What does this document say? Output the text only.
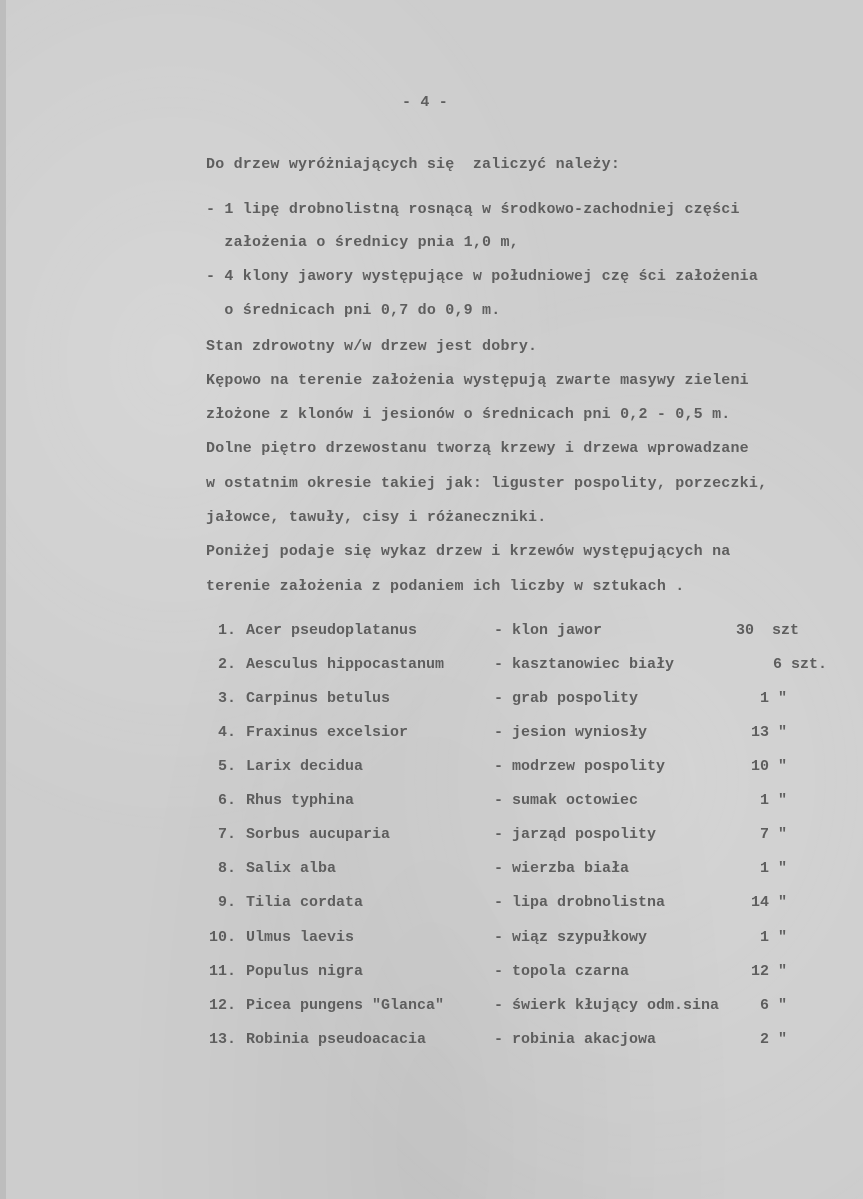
- 4 -
Do drzew wyróżniających się  zaliczyć należy:
- 1 lipę drobnolistną rosnącą w środkowo-zachodniej części
założenia o średnicy pnia 1,0 m,
- 4 klony jawory występujące w południowej czę ści założenia
o średnicach pni 0,7 do 0,9 m.
Stan zdrowotny w/w drzew jest dobry.
Kępowo na terenie założenia występują zwarte masywy zieleni
złożone z klonów i jesionów o średnicach pni 0,2 - 0,5 m.
Dolne piętro drzewostanu tworzą krzewy i drzewa wprowadzane
w ostatnim okresie takiej jak: liguster pospolity, porzeczki,
jałowce, tawuły, cisy i różaneczniki.
Poniżej podaje się wykaz drzew i krzewów występujących na
terenie założenia z podaniem ich liczby w sztukach .
1. Acer pseudoplatanus	- klon jawor	30  szt
2. Aesculus hippocastanum	- kasztanowiec biały	6 szt.
3. Carpinus betulus	- grab pospolity	1 "
4. Fraxinus excelsior	- jesion wyniosły	13 "
5. Larix decidua	- modrzew pospolity	10 "
6. Rhus typhina	- sumak octowiec	1 "
7. Sorbus aucuparia	- jarząd pospolity	7 "
8. Salix alba	- wierzba biała	1 "
9. Tilia cordata	- lipa drobnolistna	14 "
10. Ulmus laevis	- wiąz szypułkowy	1 "
11. Populus nigra	- topola czarna	12 "
12. Picea pungens "Glanca"	- świerk kłujący odm.sina	6 "
13. Robinia pseudoacacia	- robinia akacjowa	2 "
